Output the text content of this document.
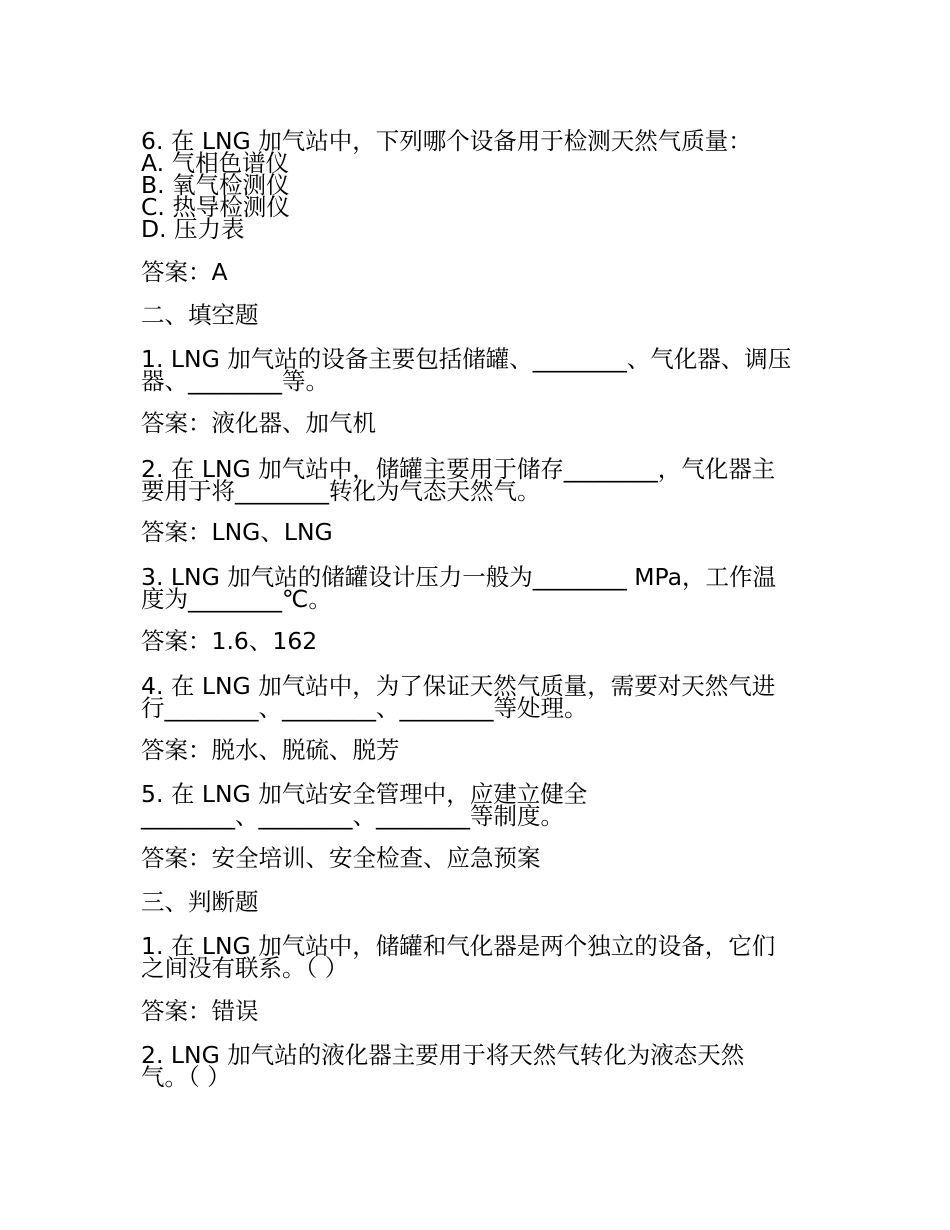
6. 在 LNG 加气站中，下列哪个设备用于检测天然气质量：

A. 气相色谱仪

B. 氧气检测仪

C. 热导检测仪

D. 压力表

答案：A

二、填空题

1. LNG 加气站的设备主要包括储罐、________、气化器、调压

器、________等。

答案：液化器、加气机

2. 在 LNG 加气站中，储罐主要用于储存________，气化器主

要用于将________转化为气态天然气。

答案：LNG、LNG

3. LNG 加气站的储罐设计压力一般为________ MPa，工作温

度为________℃。

答案：1.6、162

4. 在 LNG 加气站中，为了保证天然气质量，需要对天然气进

行________、________、________等处理。

答案：脱水、脱硫、脱芳

5. 在 LNG 加气站安全管理中，应建立健全

________、________、________等制度。

答案：安全培训、安全检查、应急预案

三、判断题

1. 在 LNG 加气站中，储罐和气化器是两个独立的设备，它们

之间没有联系。（ ）

答案：错误

2. LNG 加气站的液化器主要用于将天然气转化为液态天然

气。（ ）
